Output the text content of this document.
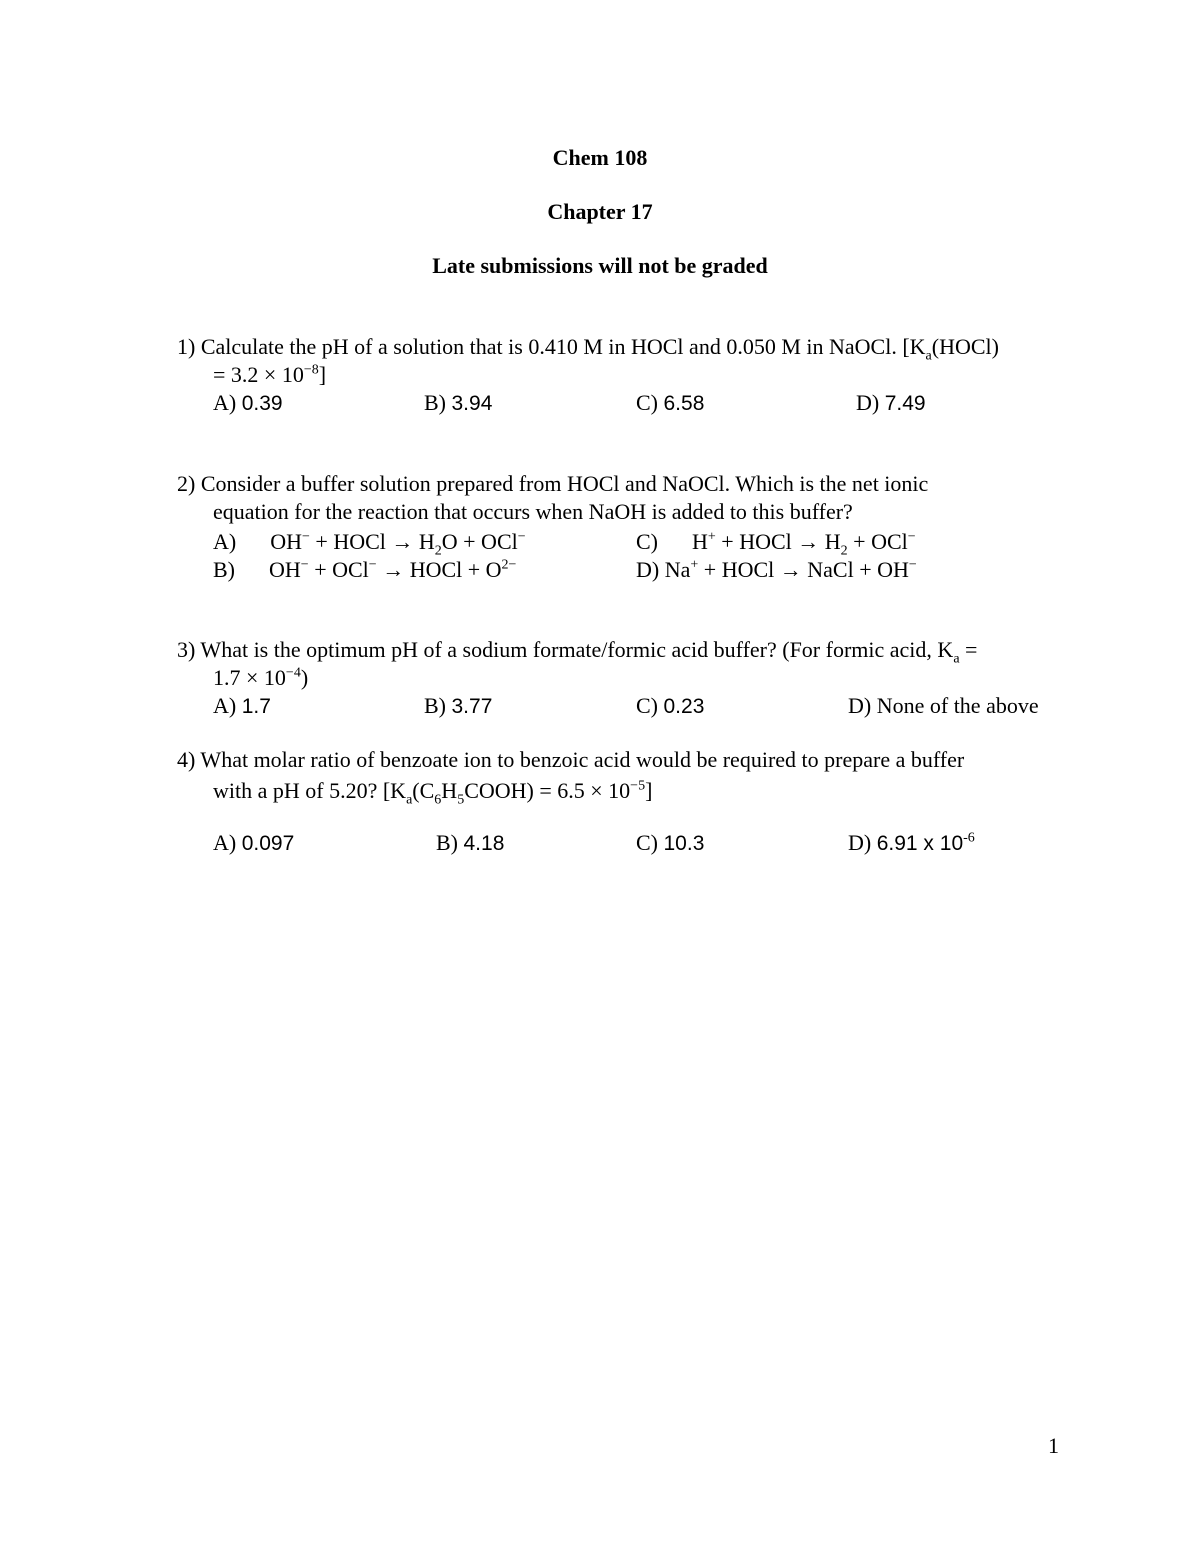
Chem 108
Chapter 17
Late submissions will not be graded
1) Calculate the pH of a solution that is 0.410 M in HOCl and 0.050 M in NaOCl. [$K_a(HOCl)$
= $3.2 \times 10^{-8}$]
A) 0.39	B) 3.94	C) 6.58	D) 7.49
2) Consider a buffer solution prepared from HOCl and NaOCl. Which is the net ionic
equation for the reaction that occurs when NaOH is added to this buffer?
A) OH− + HOCl → $H_2O + OCl^-$	C) H+ + HOCl → $H_2 + OCl^-$
B) OH− + OCl− → HOCl + $O^{2-}$	D) Na+ + HOCl → NaCl + OH−
3) What is the optimum pH of a sodium formate/formic acid buffer? (For formic acid, $K_a$ =
$1.7 \times 10^{-4}$)
A) 1.7	B) 3.77	C) 0.23	D) None of the above
4) What molar ratio of benzoate ion to benzoic acid would be required to prepare a buffer
with a pH of 5.20? $[K_a(C_6H_5COOH) = 6.5 \times 10^{-5}]$
A) 0.097	B) 4.18	C) 10.3	D) 6.91 x $10^{-6}$
1
